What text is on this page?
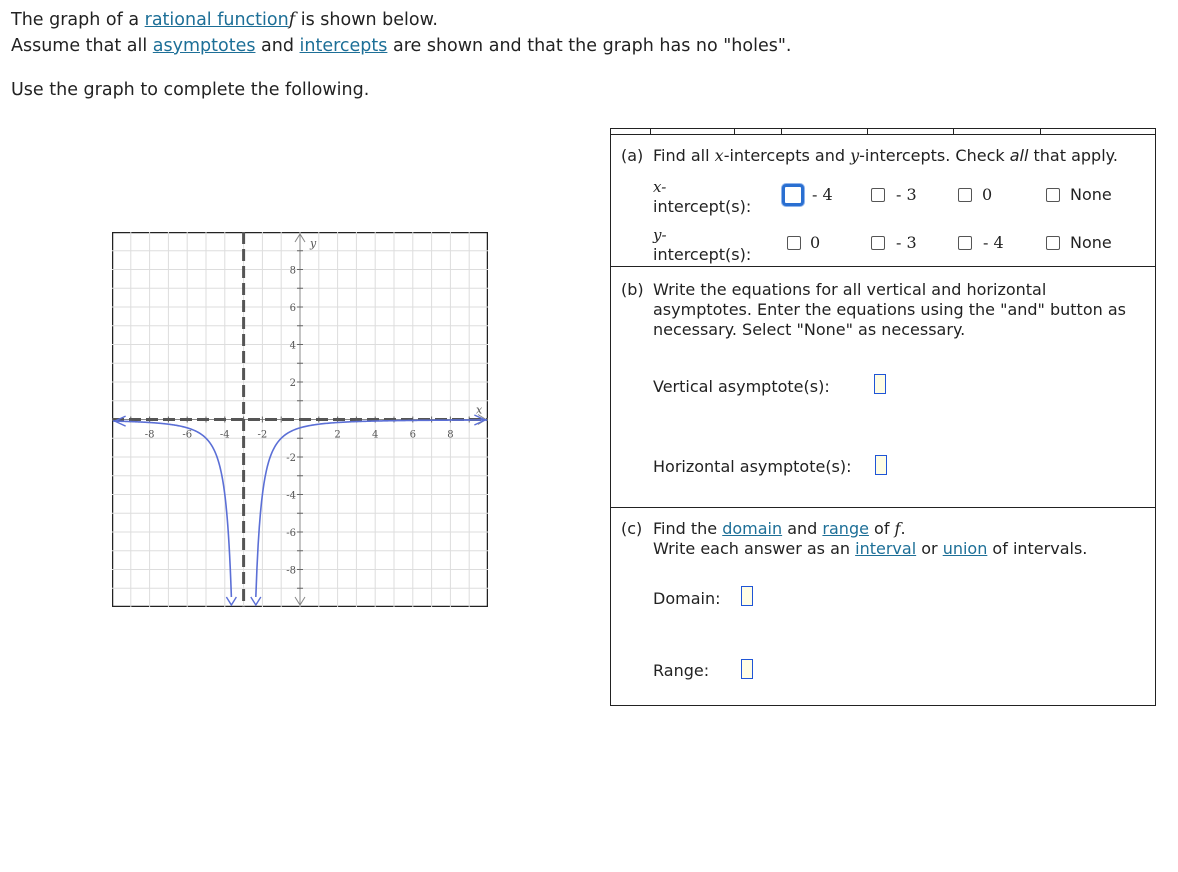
The graph of a rational functionf is shown below.

Assume that all asymptotes and intercepts are shown and that the graph has no "holes".

Use the graph to complete the following.

-8	-6	-4	-2	2	4	6	8
8
6
4
2
-2
-4
-6
-8
x
y
(a) Find all x-intercepts and y-intercepts. Check all that apply.
x-
intercept(s):
- 4	- 3	0	None
y-
intercept(s):
0	- 3	- 4	None
(b) Write the equations for all vertical and horizontal asymptotes. Enter the equations using the "and" button as necessary. Select "None" as necessary.
Vertical asymptote(s):
Horizontal asymptote(s):
(c) Find the domain and range of f.
Write each answer as an interval or union of intervals.
Domain:
Range:
